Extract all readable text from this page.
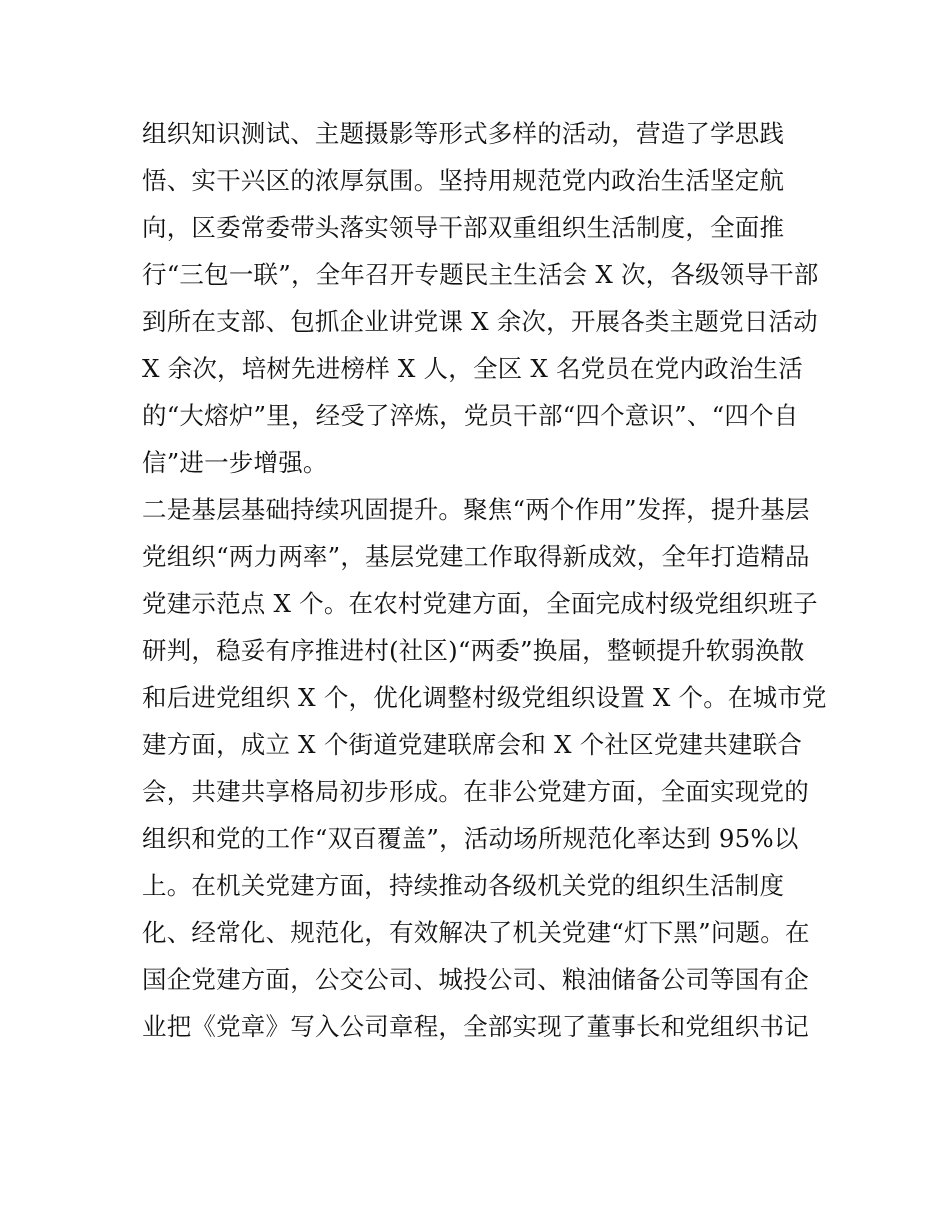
组织知识测试、主题摄影等形式多样的活动，营造了学思践
悟、实干兴区的浓厚氛围。坚持用规范党内政治生活坚定航
向，区委常委带头落实领导干部双重组织生活制度，全面推
行“三包一联”，全年召开专题民主生活会 X 次，各级领导干部
到所在支部、包抓企业讲党课 X 余次，开展各类主题党日活动
X 余次，培树先进榜样 X 人，全区 X 名党员在党内政治生活
的“大熔炉”里，经受了淬炼，党员干部“四个意识”、“四个自
信”进一步增强。
二是基层基础持续巩固提升。聚焦“两个作用”发挥，提升基层
党组织“两力两率”，基层党建工作取得新成效，全年打造精品
党建示范点 X 个。在农村党建方面，全面完成村级党组织班子
研判，稳妥有序推进村(社区)“两委”换届，整顿提升软弱涣散
和后进党组织 X 个，优化调整村级党组织设置 X 个。在城市党
建方面，成立 X 个街道党建联席会和 X 个社区党建共建联合
会，共建共享格局初步形成。在非公党建方面，全面实现党的
组织和党的工作“双百覆盖”，活动场所规范化率达到 95%以
上。在机关党建方面，持续推动各级机关党的组织生活制度
化、经常化、规范化，有效解决了机关党建“灯下黑”问题。在
国企党建方面，公交公司、城投公司、粮油储备公司等国有企
业把《党章》写入公司章程，全部实现了董事长和党组织书记
